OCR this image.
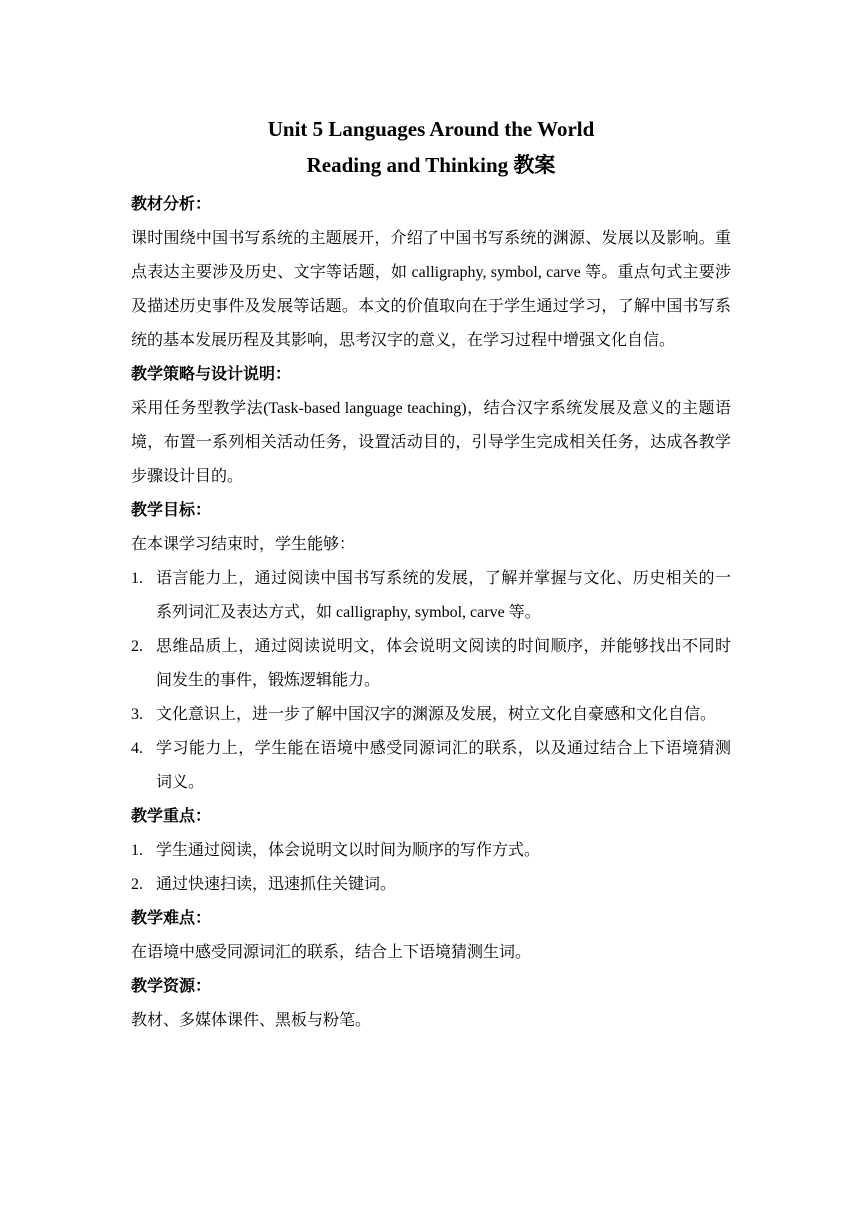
Unit 5 Languages Around the World

Reading and Thinking 教案

教材分析：

课时围绕中国书写系统的主题展开，介绍了中国书写系统的渊源、发展以及影响。重点表达主要涉及历史、文字等话题，如 calligraphy, symbol, carve 等。重点句式主要涉及描述历史事件及发展等话题。本文的价值取向在于学生通过学习，了解中国书写系统的基本发展历程及其影响，思考汉字的意义，在学习过程中增强文化自信。

教学策略与设计说明：

采用任务型教学法(Task-based language teaching)，结合汉字系统发展及意义的主题语境，布置一系列相关活动任务，设置活动目的，引导学生完成相关任务，达成各教学步骤设计目的。

教学目标：

在本课学习结束时，学生能够：

1. 语言能力上，通过阅读中国书写系统的发展，了解并掌握与文化、历史相关的一系列词汇及表达方式，如 calligraphy, symbol, carve 等。
2. 思维品质上，通过阅读说明文，体会说明文阅读的时间顺序，并能够找出不同时间发生的事件，锻炼逻辑能力。
3. 文化意识上，进一步了解中国汉字的渊源及发展，树立文化自豪感和文化自信。
4. 学习能力上，学生能在语境中感受同源词汇的联系，以及通过结合上下语境猜测词义。

教学重点：

1. 学生通过阅读，体会说明文以时间为顺序的写作方式。
2. 通过快速扫读，迅速抓住关键词。

教学难点：

在语境中感受同源词汇的联系，结合上下语境猜测生词。

教学资源：

教材、多媒体课件、黑板与粉笔。
